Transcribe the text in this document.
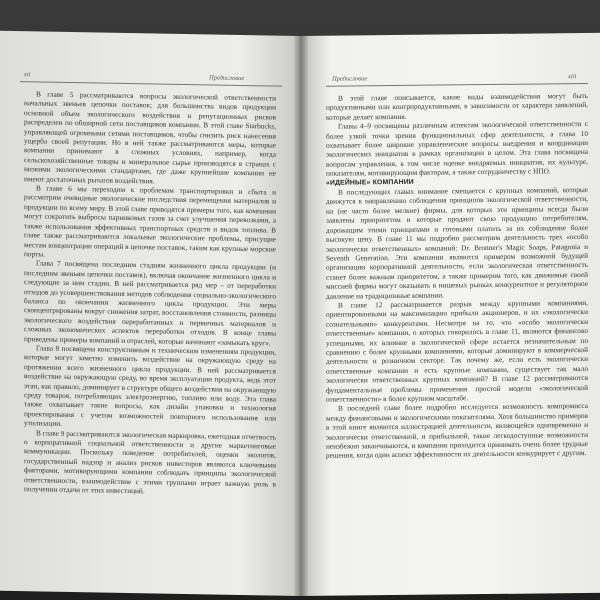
xii	Предисловие

В главе 5 рассматриваются вопросы экологической ответственности начальных звеньев цепочки поставок; для большинства видов продукции основной объем экологического воздействия и репутационных рисков распределен по обширной сети поставщиков компании. В этой главе Starbucks, управляющей огромными сетями поставщиков, чтобы снизить риск нанесения ущерба своей репутации. Но в ней также рассматриваются меры, которые компании принимают в сложных условиях, например, когда сельскохозяйственные товары и минеральное сырье производятся в странах с низкими экологическими стандартами, где даже крупнейшие компании не имеют достаточных рычагов воздействия.

В главе 6 мы переходим к проблемам транспортировки и сбыта и рассмотрим очевидные экологические последствия перемещения материалов и продукции по всему миру. В этой главе приводятся примеры того, как компании могут сократить выбросы парниковых газов за счет улучшения перевозками, а также использования эффективных транспортных средств и видов топлива. В главе также рассматриваются локальные экологические проблемы, присущие местам концентрации операций в цепочке поставок, таким как крупные морские порты.

Глава 7 посвящена последним стадиям жизненного цикла продукции (и последним звеньям цепочки поставок), включая окончание жизненного цикла и следующие за ним стадии. В ней рассматривается ряд мер – от переработки отходов до усовершенствования методов соблюдения социально-экологического баланса по окончании жизненного цикла продукции. Эти меры сконцентрированы вокруг снижения затрат, восстановления стоимости, разницы экологического воздействия переработанных и первичных материалов и сложных экономических аспектов переработки отходов. В конце главы приведены примеры компаний и отраслей, которые начинают «замыкать круг».

Глава 8 посвящена конструктивным и техническим изменениям продукции, которые могут заметно изменить воздействие на окружающую среду на протяжении всего жизненного цикла продукции. В ней рассматривается воздействие на окружающую среду, во время эксплуатации продукта, ведь этот этап, как правило, доминирует в структуре общего воздействия на окружающую среду товаров, потребляющих электроэнергию, топливо или воду. Эта глава также охватывает такие вопросы, как дизайн упаковки и технология проектирования с учетом возможностей повторного использования или утилизации.

В главе 9 рассматриваются экологическая маркировка, ежегодная отчетность о корпоративной социальной ответственности и другие маркетинговые коммуникации. Поскольку поведение потребителей, оценки экологов, государственный надзор и анализ рисков инвесторов являются ключевыми факторами, мотивирующими компании соблюдать принципы экологической ответственности, взаимодействие с этими группами играет важную роль в получении отдачи от этих инвестиций.

Предисловие	xiii

В этой главе описывается, какие виды взаимодействия могут быть продуктивными или контрпродуктивными, в зависимости от характера заявлений, которые делает компания.

Главы 4–9 посвящены различным аспектам экологической ответственности с более узкой точки зрения функциональных сфер деятельности, а глава 10 охватывает более широкие управленческие вопросы внедрения и координации экологических инициатив в рамках организации в целом. Эта глава посвящена вопросам управления, в том числе оценке внедряемых инициатив, их культуре, показателям, мотивирующим факторам, а также сотрудничеству с НПО.

«ИДЕЙНЫЕ» КОМПАНИИ

В последующих главах внимание смещается с крупных компаний, которые движутся к направлению соблюдения принципов экологической ответственности, на (не часто более мелкие) фирмы, для которых эти принципы всегда были заявлены приоритетом и которые продают свою продукцию потребителям, дорожащим этими принципами и готовыми платить за их соблюдение более высокую цену. В главе 11 мы подробно рассмотрим деятельность трех «особо экологически ответственных» компаний: Dr. Bronner's Magic Soaps, Patagonia и Seventh Generation. Эти компании являются примером возможной будущей организации корпоративной деятельности, если экологическая ответственность станет более важным приоритетом, а также примером того, как движимые своей миссией фирмы могут оказывать в нишевых рынках конкурентное и регуляторное давление на традиционные компании.

В главе 12 рассматривается разрыв между крупными компаниями, ориентированными на максимизацию прибыли акционеров, и их «экологически сознательными» конкурентами. Несмотря на то, что «особо экологически ответственные» компании, о которых говорилось в главе 11, являются финансово успешными, их влияние в экологической сфере остается незначительным по сравнению с более крупными компаниями, которые доминируют в коммерческой деятельности и розничном секторе. Так почему же, если есть экологически ответственные компании и есть крупные компании, существует так мало экологически ответственных крупных компаний? В главе 12 рассматриваются фундаментальные проблемы применения простой модели «экологической ответственности» в более крупном масштабе.

В последней главе более подробно исследуется возможность компромисса между финансовыми и экологическими показателями. Хотя большинство примеров в этой книге являются иллюстрацией деятельности, являющейся одновременно и экологически ответственной, и прибыльной, такие легкодоступные возможности неизбежно заканчиваются, и компании приходится принимать очень более трудные решения, когда один аспект эффективности их деятельности конкурирует с другим.
